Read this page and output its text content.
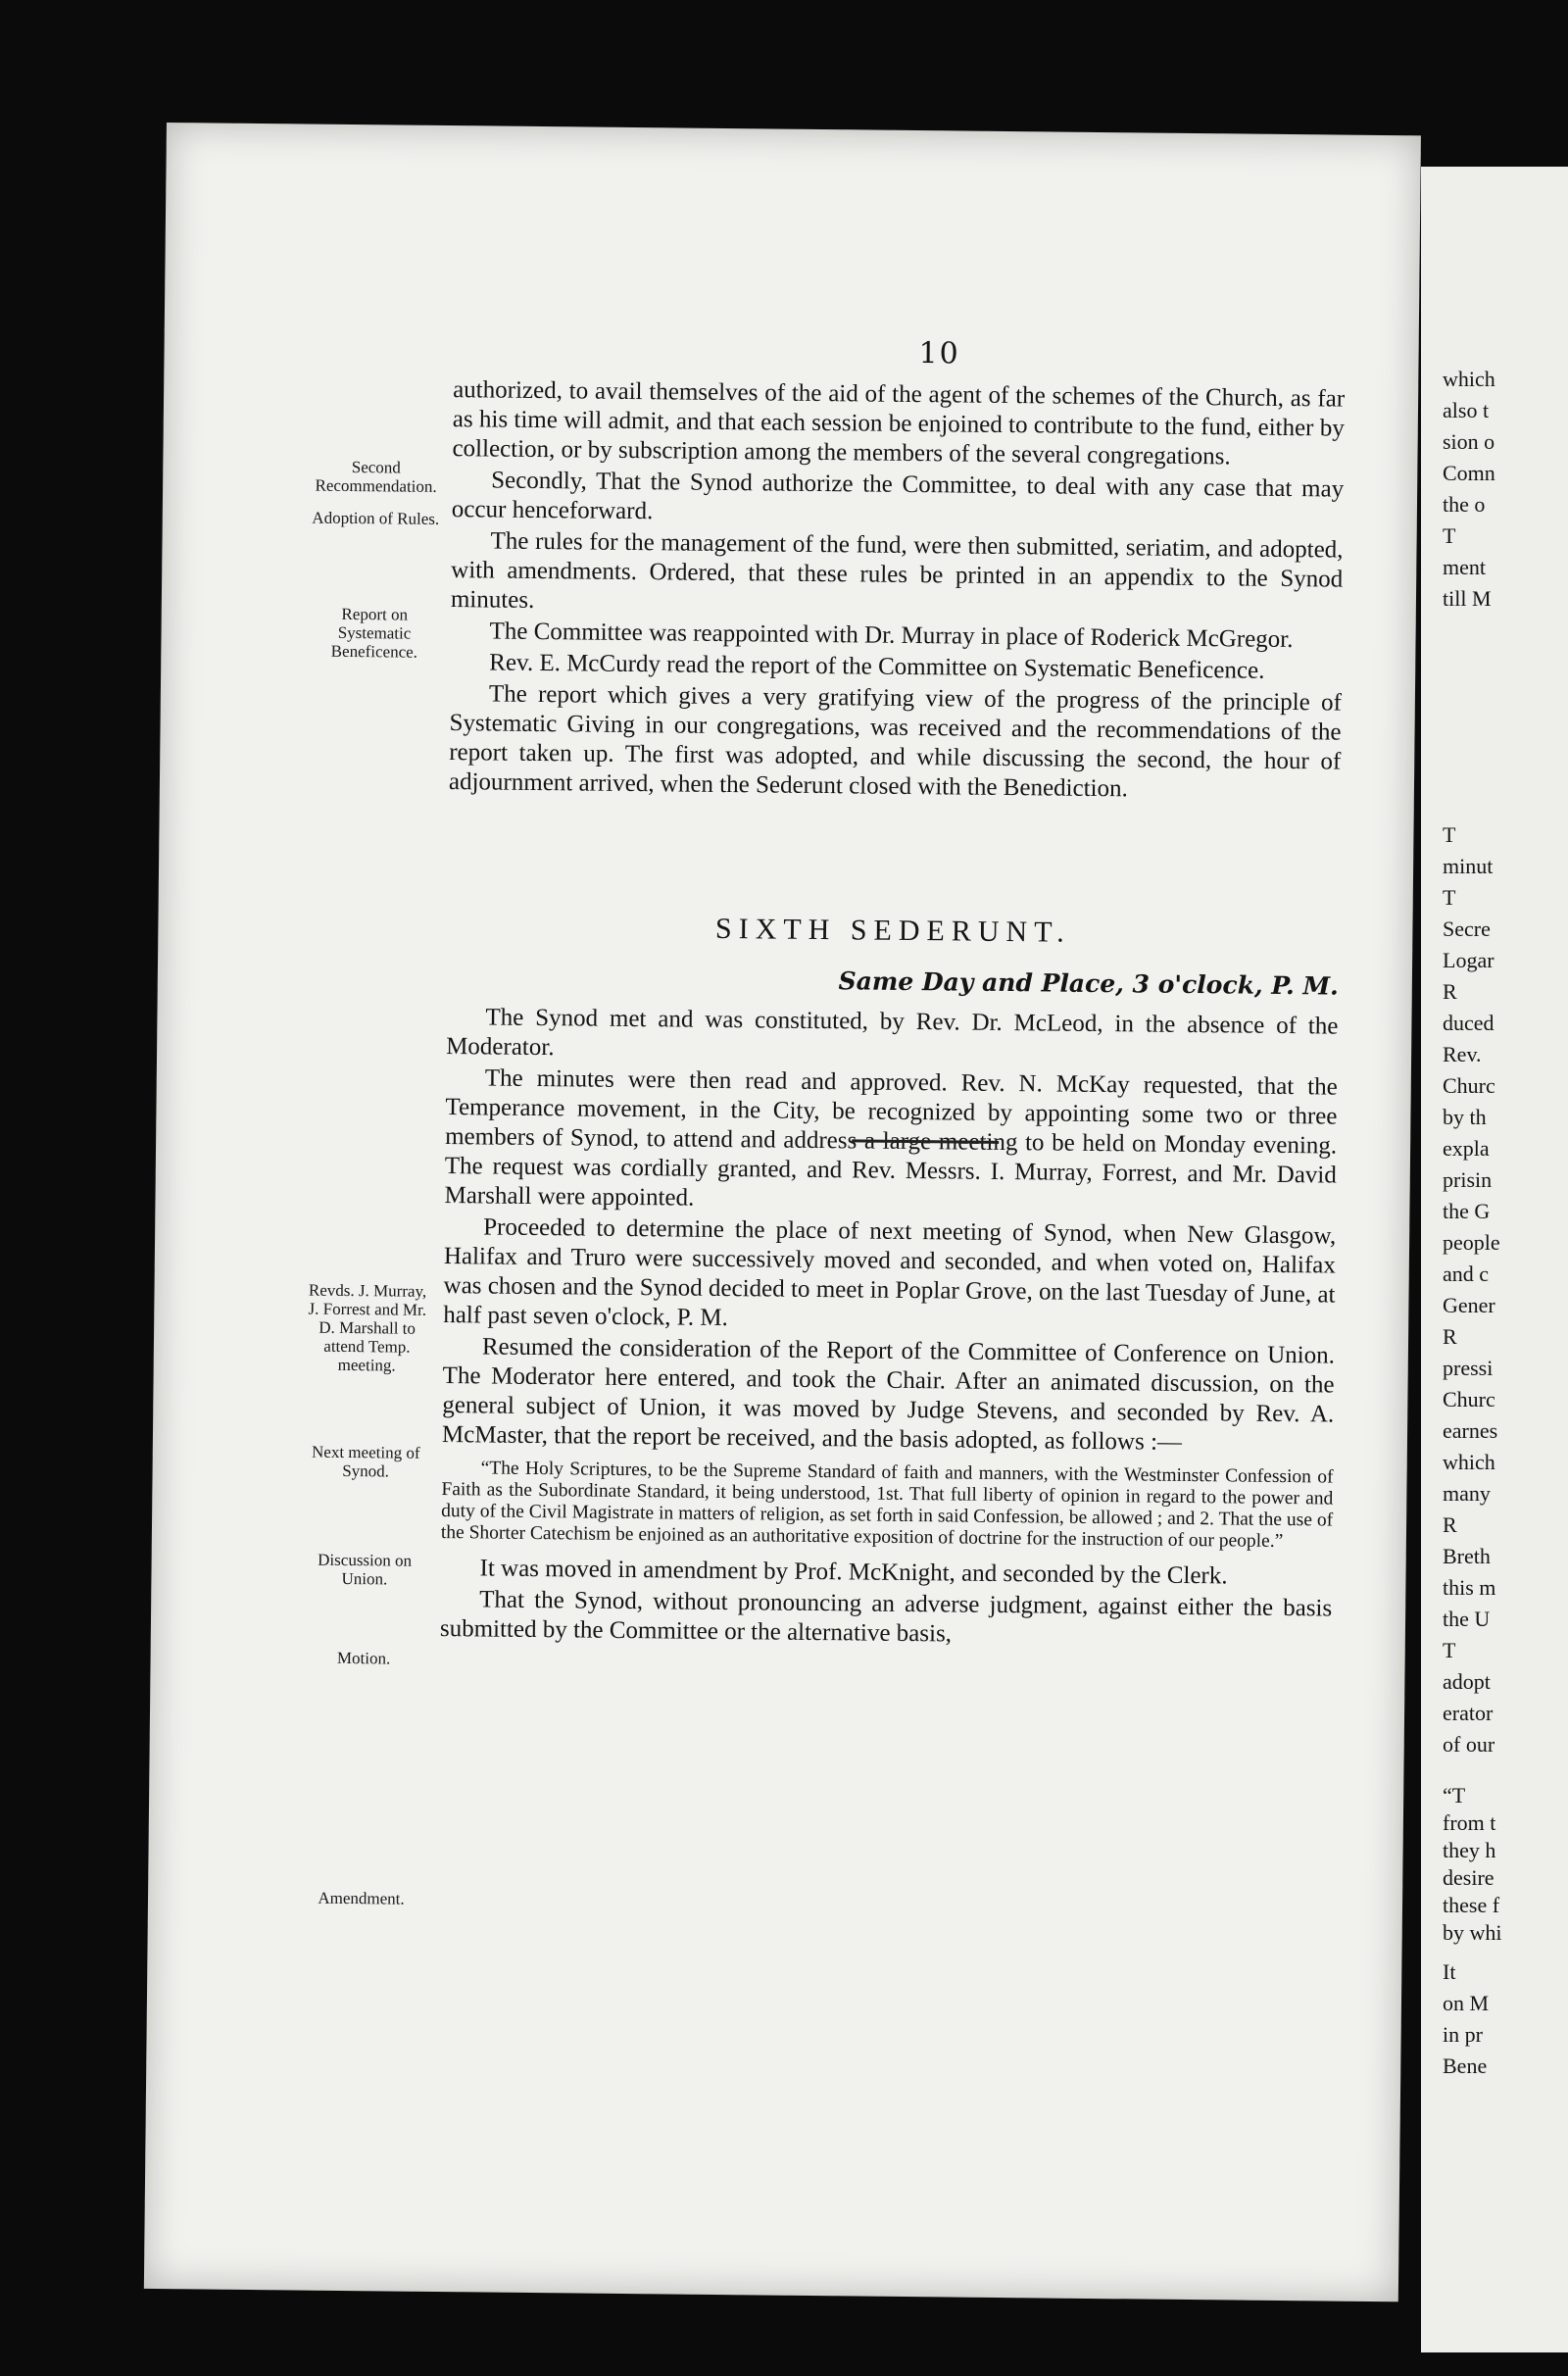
10

authorized, to avail themselves of the aid of the agent of the schemes of the Church, as far as his time will admit, and that each session be enjoined to contribute to the fund, either by collection, or by subscription among the members of the several congregations.

Secondly, That the Synod authorize the Committee, to deal with any case that may occur henceforward.

The rules for the management of the fund, were then submitted, seriatim, and adopted, with amendments. Ordered, that these rules be printed in an appendix to the Synod minutes.

The Committee was reappointed with Dr. Murray in place of Roderick McGregor.

Rev. E. McCurdy read the report of the Committee on Systematic Beneficence.

The report which gives a very gratifying view of the progress of the principle of Systematic Giving in our congregations, was received and the recommendations of the report taken up. The first was adopted, and while discussing the second, the hour of adjournment arrived, when the Sederunt closed with the Benediction.

SIXTH SEDERUNT.
Same Day and Place, 3 o'clock, P. M.

The Synod met and was constituted, by Rev. Dr. McLeod, in the absence of the Moderator.

The minutes were then read and approved. Rev. N. McKay requested, that the Temperance movement, in the City, be recognized by appointing some two or three members of Synod, to attend and address a large meeting to be held on Monday evening. The request was cordially granted, and Rev. Messrs. I. Murray, Forrest, and Mr. David Marshall were appointed.

Proceeded to determine the place of next meeting of Synod, when New Glasgow, Halifax and Truro were successively moved and seconded, and when voted on, Halifax was chosen and the Synod decided to meet in Poplar Grove, on the last Tuesday of June, at half past seven o'clock, P. M.

Resumed the consideration of the Report of the Committee of Conference on Union. The Moderator here entered, and took the Chair. After an animated discussion, on the general subject of Union, it was moved by Judge Stevens, and seconded by Rev. A. McMaster, that the report be received, and the basis adopted, as follows :—

“The Holy Scriptures, to be the Supreme Standard of faith and manners, with the Westminster Confession of Faith as the Subordinate Standard, it being understood, 1st. That full liberty of opinion in regard to the power and duty of the Civil Magistrate in matters of religion, as set forth in said Confession, be allowed ; and 2. That the use of the Shorter Catechism be enjoined as an authoritative exposition of doctrine for the instruction of our people.”

It was moved in amendment by Prof. McKnight, and seconded by the Clerk.

That the Synod, without pronouncing an adverse judgment, against either the basis submitted by the Committee or the alternative basis,

Second Recommendation.
Adoption of Rules.
Report on Systematic Beneficence.
Revds. J. Murray, J. Forrest and Mr. D. Marshall to attend Temp. meeting.
Next meeting of Synod.
Discussion on Union.
Motion.
Amendment.
which
also t
sion o
Comn
the o
T
ment
till M
T
minut
T
Secre
Logar
R
duced
Rev.
Churc
by th
expla
prisin
the G
people
and c
Gener
R
pressi
Churc
earnes
which
many
R
Breth
this m
the U
T
adopt
erator
of our
“T
from t
they h
desire
these f
by whi
It
on M
in pr
Bene
